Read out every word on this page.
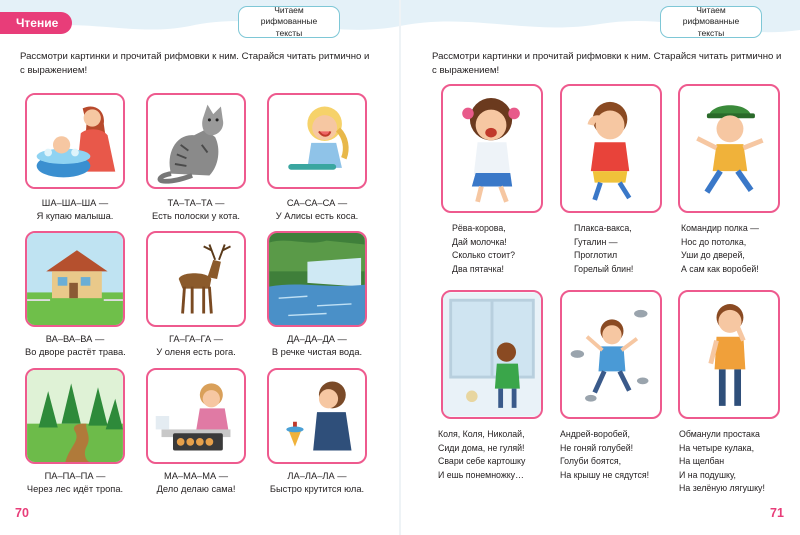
Чтение
Читаем рифмованные тексты
Рассмотри картинки и прочитай рифмовки к ним. Старайся читать ритмично и с выражением!
ША–ША–ША —
Я купаю малыша.
ТА–ТА–ТА —
Есть полоски у кота.
СА–СА–СА —
У Алисы есть коса.
ВА–ВА–ВА —
Во дворе растёт трава.
ГА–ГА–ГА —
У оленя есть рога.
ДА–ДА–ДА —
В речке чистая вода.
ПА–ПА–ПА —
Через лес идёт тропа.
МА–МА–МА —
Дело делаю сама!
ЛА–ЛА–ЛА —
Быстро крутится юла.
70
Читаем рифмованные тексты
Рассмотри картинки и прочитай рифмовки к ним. Старайся читать ритмично и с выражением!
Рёва-корова,
Дай молочка!
Сколько стоит?
Два пятачка!
Плакса-вакса,
Гуталин —
Проглотил
Горелый блин!
Командир полка —
Нос до потолка,
Уши до дверей,
А сам как воробей!
Коля, Коля, Николай,
Сиди дома, не гуляй!
Свари себе картошку
И ешь понемножку…
Андрей-воробей,
Не гоняй голубей!
Голуби боятся,
На крышу не сядутся!
Обманули простака
На четыре кулака,
На щелбан
И на подушку,
На зелёную лягушку!
71
